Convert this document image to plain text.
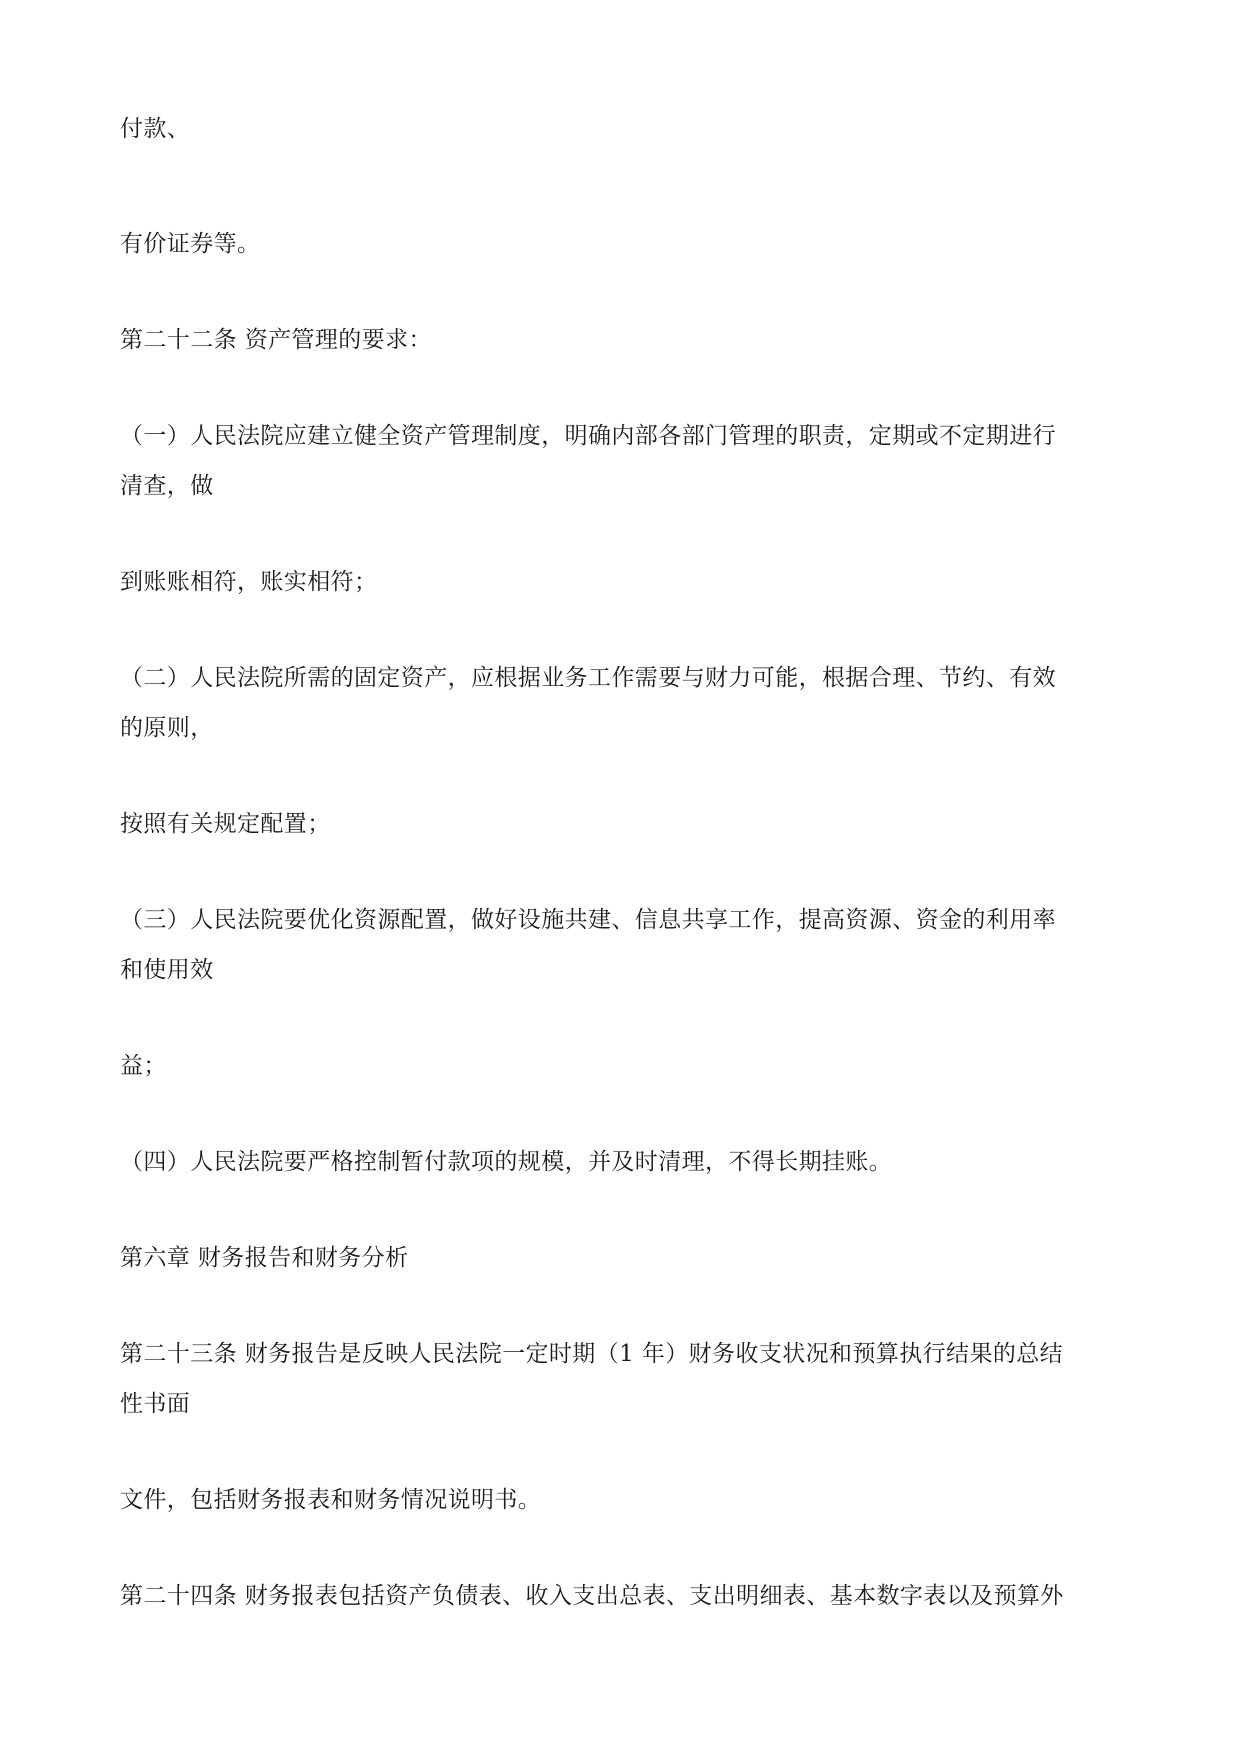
付款、
有价证券等。
第二十二条 资产管理的要求：
（一）人民法院应建立健全资产管理制度，明确内部各部门管理的职责，定期或不定期进行
清查，做
到账账相符，账实相符；
（二）人民法院所需的固定资产，应根据业务工作需要与财力可能，根据合理、节约、有效
的原则，
按照有关规定配置；
（三）人民法院要优化资源配置，做好设施共建、信息共享工作，提高资源、资金的利用率
和使用效
益；
（四）人民法院要严格控制暂付款项的规模，并及时清理，不得长期挂账。
第六章 财务报告和财务分析
第二十三条 财务报告是反映人民法院一定时期（1 年）财务收支状况和预算执行结果的总结
性书面
文件，包括财务报表和财务情况说明书。
第二十四条 财务报表包括资产负债表、收入支出总表、支出明细表、基本数字表以及预算外
